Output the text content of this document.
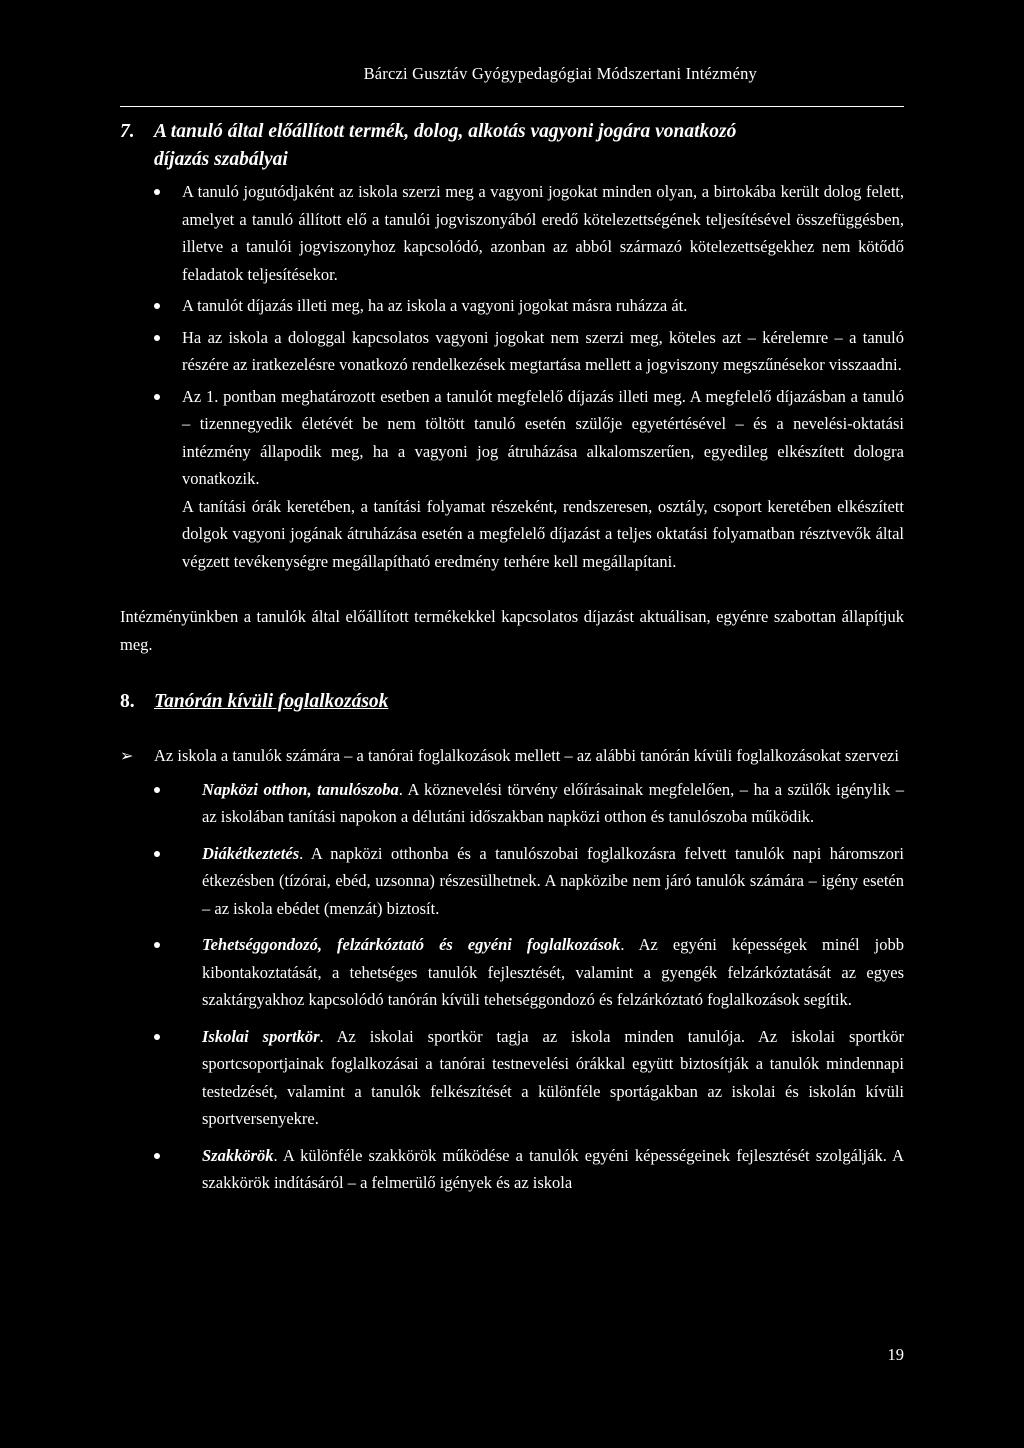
Bárczi Gusztáv Gyógypedagógiai Módszertani Intézmény
7. A tanuló által előállított termék, dolog, alkotás vagyoni jogára vonatkozó
díjazás szabályai
A tanuló jogutódjaként az iskola szerzi meg a vagyoni jogokat minden olyan, a birtokába került dolog felett, amelyet a tanuló állított elő a tanulói jogviszonyából eredő kötelezettségének teljesítésével összefüggésben, illetve a tanulói jogviszonyhoz kapcsolódó, azonban az abból származó kötelezettségekhez nem kötődő feladatok teljesítésekor.
A tanulót díjazás illeti meg, ha az iskola a vagyoni jogokat másra ruházza át.
Ha az iskola a dologgal kapcsolatos vagyoni jogokat nem szerzi meg, köteles azt – kérelemre – a tanuló részére az iratkezelésre vonatkozó rendelkezések megtartása mellett a jogviszony megszűnésekor visszaadni.
Az 1. pontban meghatározott esetben a tanulót megfelelő díjazás illeti meg. A megfelelő díjazásban a tanuló – tizennegyedik életévét be nem töltött tanuló esetén szülője egyetértésével – és a nevelési-oktatási intézmény állapodik meg, ha a vagyoni jog átruházása alkalomszerűen, egyedileg elkészített dologra vonatkozik.

A tanítási órák keretében, a tanítási folyamat részeként, rendszeresen, osztály, csoport keretében elkészített dolgok vagyoni jogának átruházása esetén a megfelelő díjazást a teljes oktatási folyamatban résztvevők által végzett tevékenységre megállapítható eredmény terhére kell megállapítani.

Intézményünkben a tanulók által előállított termékekkel kapcsolatos díjazást aktuálisan, egyénre szabottan állapítjuk meg.

8. Tanórán kívüli foglalkozások
➢ Az iskola a tanulók számára – a tanórai foglalkozások mellett – az alábbi tanórán kívüli foglalkozásokat szervezi
Napközi otthon, tanulószoba. A köznevelési törvény előírásainak megfelelően, – ha a szülők igénylik – az iskolában tanítási napokon a délutáni időszakban napközi otthon és tanulószoba működik.
Diákétkeztetés. A napközi otthonba és a tanulószobai foglalkozásra felvett tanulók napi háromszori étkezésben (tízórai, ebéd, uzsonna) részesülhetnek. A napközibe nem járó tanulók számára – igény esetén – az iskola ebédet (menzát) biztosít.
Tehetséggondozó, felzárkóztató és egyéni foglalkozások. Az egyéni képességek minél jobb kibontakoztatását, a tehetséges tanulók fejlesztését, valamint a gyengék felzárkóztatását az egyes szaktárgyakhoz kapcsolódó tanórán kívüli tehetséggondozó és felzárkóztató foglalkozások segítik.
Iskolai sportkör. Az iskolai sportkör tagja az iskola minden tanulója. Az iskolai sportkör sportcsoportjainak foglalkozásai a tanórai testnevelési órákkal együtt biztosítják a tanulók mindennapi testedzését, valamint a tanulók felkészítését a különféle sportágakban az iskolai és iskolán kívüli sportversenyekre.
Szakkörök. A különféle szakkörök működése a tanulók egyéni képességeinek fejlesztését szolgálják. A szakkörök indításáról – a felmerülő igények és az iskola
19
